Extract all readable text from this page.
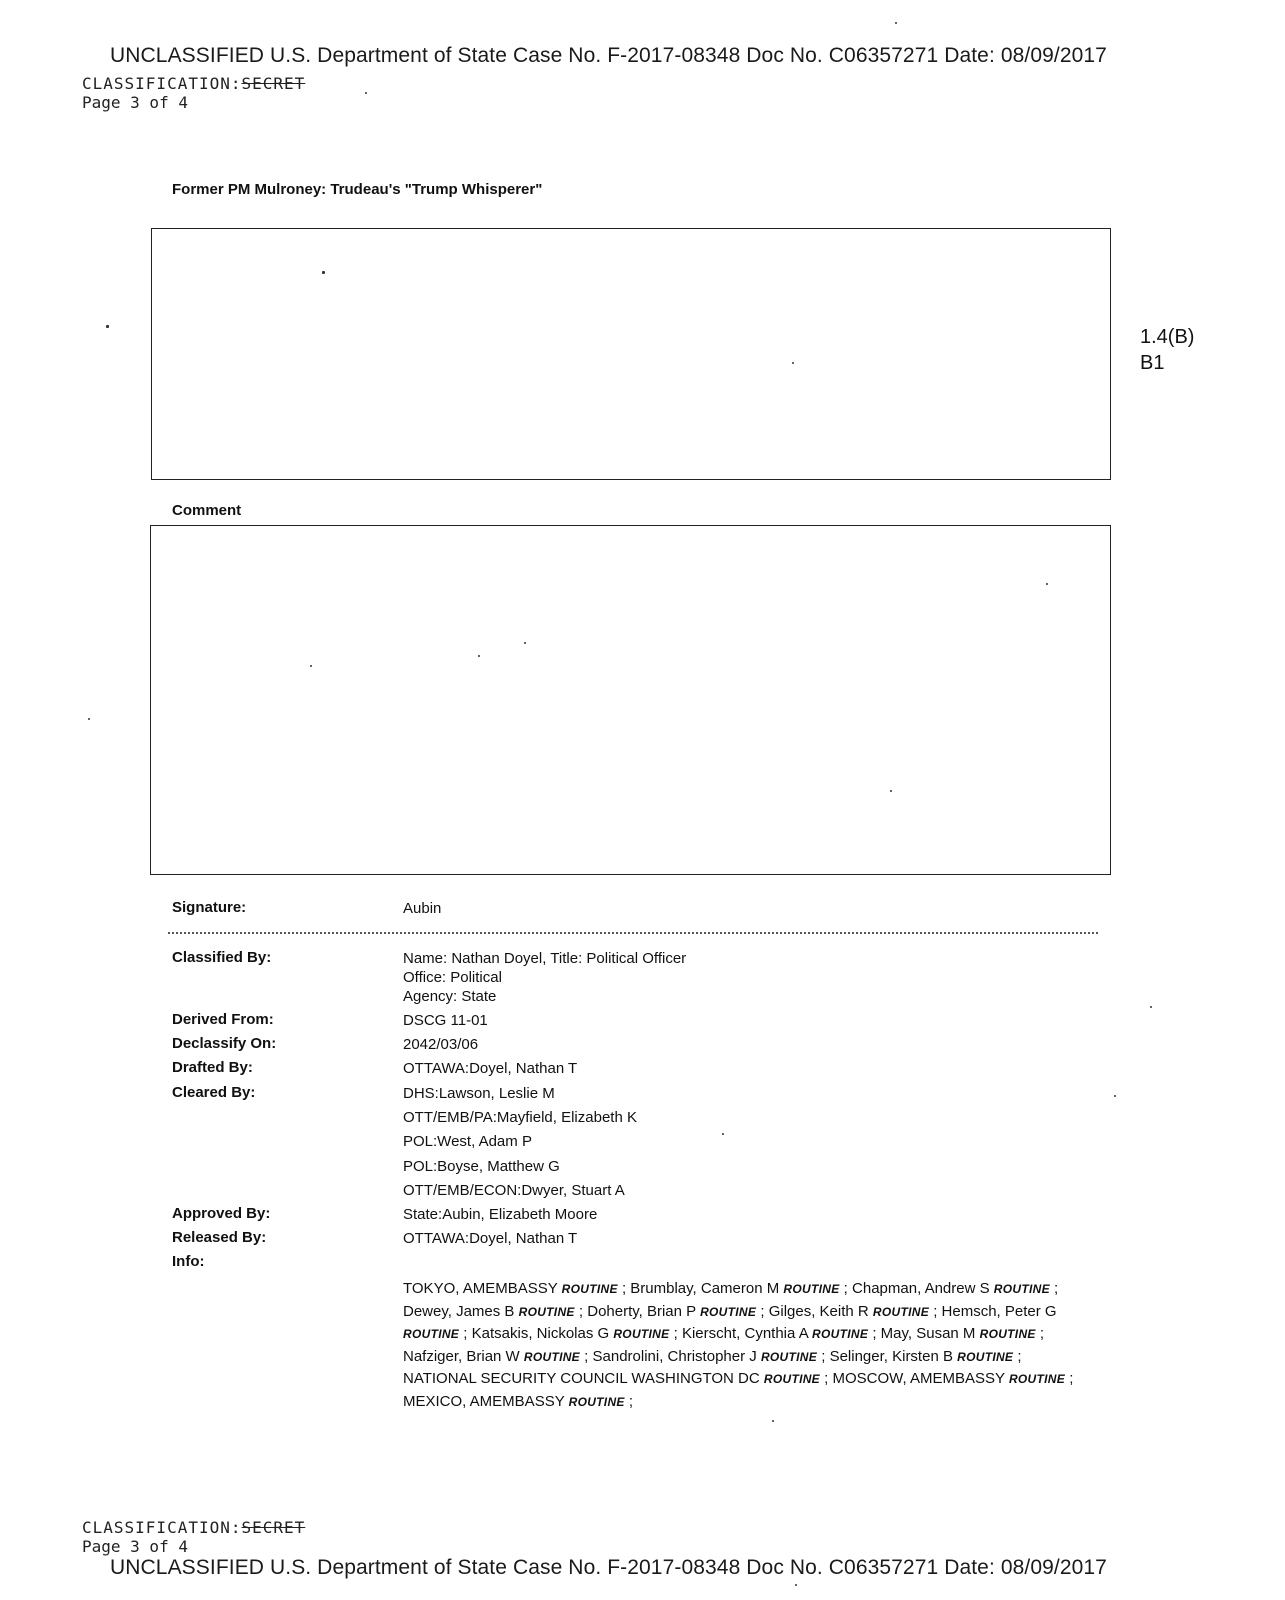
UNCLASSIFIED U.S. Department of State Case No. F-2017-08348 Doc No. C06357271 Date: 08/09/2017
CLASSIFICATION:SECRET
Page 3 of 4
Former PM Mulroney: Trudeau's "Trump Whisperer"
1.4(B)
B1
Comment
Signature:	Aubin
Classified By:	Name: Nathan Doyel, Title: Political Officer
Office: Political
Agency: State
Derived From:	DSCG 11-01
Declassify On:	2042/03/06
Drafted By:	OTTAWA:Doyel, Nathan T
Cleared By:	DHS:Lawson, Leslie M
OTT/EMB/PA:Mayfield, Elizabeth K
POL:West, Adam P
POL:Boyse, Matthew G
OTT/EMB/ECON:Dwyer, Stuart A
Approved By:	State:Aubin, Elizabeth Moore
Released By:	OTTAWA:Doyel, Nathan T
Info:
TOKYO, AMEMBASSY ROUTINE ; Brumblay, Cameron M ROUTINE ; Chapman, Andrew S ROUTINE ; Dewey, James B ROUTINE ; Doherty, Brian P ROUTINE ; Gilges, Keith R ROUTINE ; Hemsch, Peter G ROUTINE ; Katsakis, Nickolas G ROUTINE ; Kierscht, Cynthia A ROUTINE ; May, Susan M ROUTINE ; Nafziger, Brian W ROUTINE ; Sandrolini, Christopher J ROUTINE ; Selinger, Kirsten B ROUTINE ; NATIONAL SECURITY COUNCIL WASHINGTON DC ROUTINE ; MOSCOW, AMEMBASSY ROUTINE ; MEXICO, AMEMBASSY ROUTINE ;
CLASSIFICATION:SECRET
Page 3 of 4
UNCLASSIFIED U.S. Department of State Case No. F-2017-08348 Doc No. C06357271 Date: 08/09/2017
